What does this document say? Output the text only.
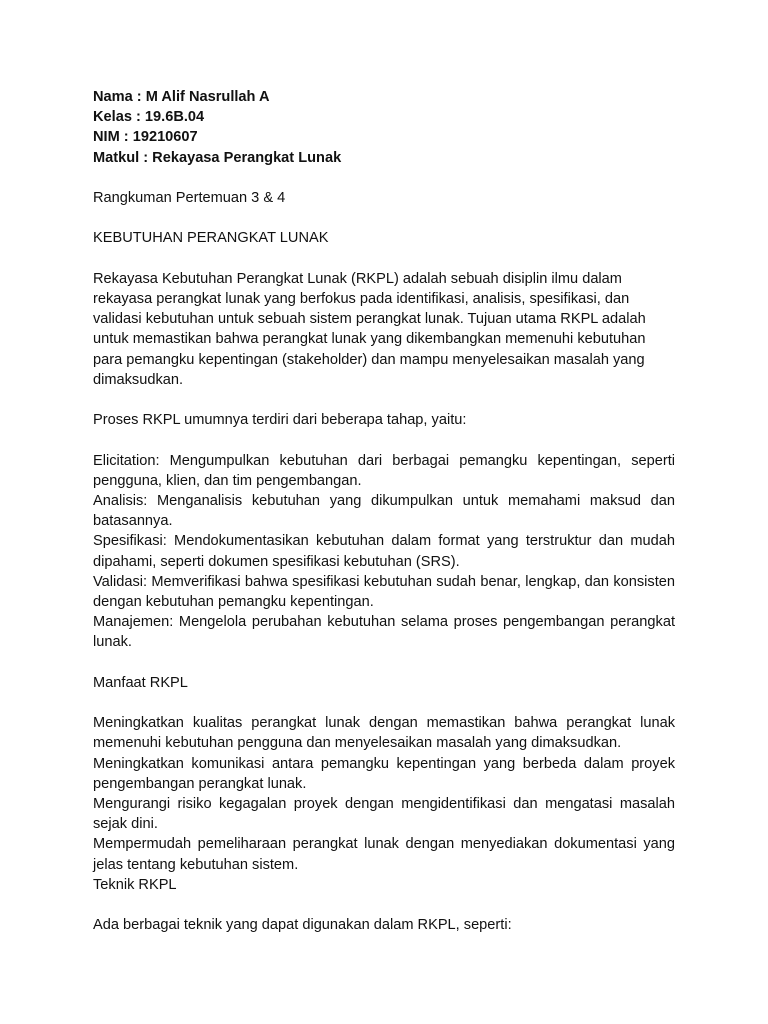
Nama : M Alif Nasrullah A

Kelas : 19.6B.04

NIM : 19210607

Matkul : Rekayasa Perangkat Lunak

Rangkuman Pertemuan 3 & 4

KEBUTUHAN PERANGKAT LUNAK

Rekayasa Kebutuhan Perangkat Lunak (RKPL) adalah sebuah disiplin ilmu dalam rekayasa perangkat lunak yang berfokus pada identifikasi, analisis, spesifikasi, dan validasi kebutuhan untuk sebuah sistem perangkat lunak. Tujuan utama RKPL adalah untuk memastikan bahwa perangkat lunak yang dikembangkan memenuhi kebutuhan para pemangku kepentingan (stakeholder) dan mampu menyelesaikan masalah yang dimaksudkan.

Proses RKPL umumnya terdiri dari beberapa tahap, yaitu:

Elicitation: Mengumpulkan kebutuhan dari berbagai pemangku kepentingan, seperti pengguna, klien, dan tim pengembangan.

Analisis: Menganalisis kebutuhan yang dikumpulkan untuk memahami maksud dan batasannya.

Spesifikasi: Mendokumentasikan kebutuhan dalam format yang terstruktur dan mudah dipahami, seperti dokumen spesifikasi kebutuhan (SRS).

Validasi: Memverifikasi bahwa spesifikasi kebutuhan sudah benar, lengkap, dan konsisten dengan kebutuhan pemangku kepentingan.

Manajemen: Mengelola perubahan kebutuhan selama proses pengembangan perangkat lunak.

Manfaat RKPL

Meningkatkan kualitas perangkat lunak dengan memastikan bahwa perangkat lunak memenuhi kebutuhan pengguna dan menyelesaikan masalah yang dimaksudkan.

Meningkatkan komunikasi antara pemangku kepentingan yang berbeda dalam proyek pengembangan perangkat lunak.

Mengurangi risiko kegagalan proyek dengan mengidentifikasi dan mengatasi masalah sejak dini.

Mempermudah pemeliharaan perangkat lunak dengan menyediakan dokumentasi yang jelas tentang kebutuhan sistem.

Teknik RKPL

Ada berbagai teknik yang dapat digunakan dalam RKPL, seperti:
